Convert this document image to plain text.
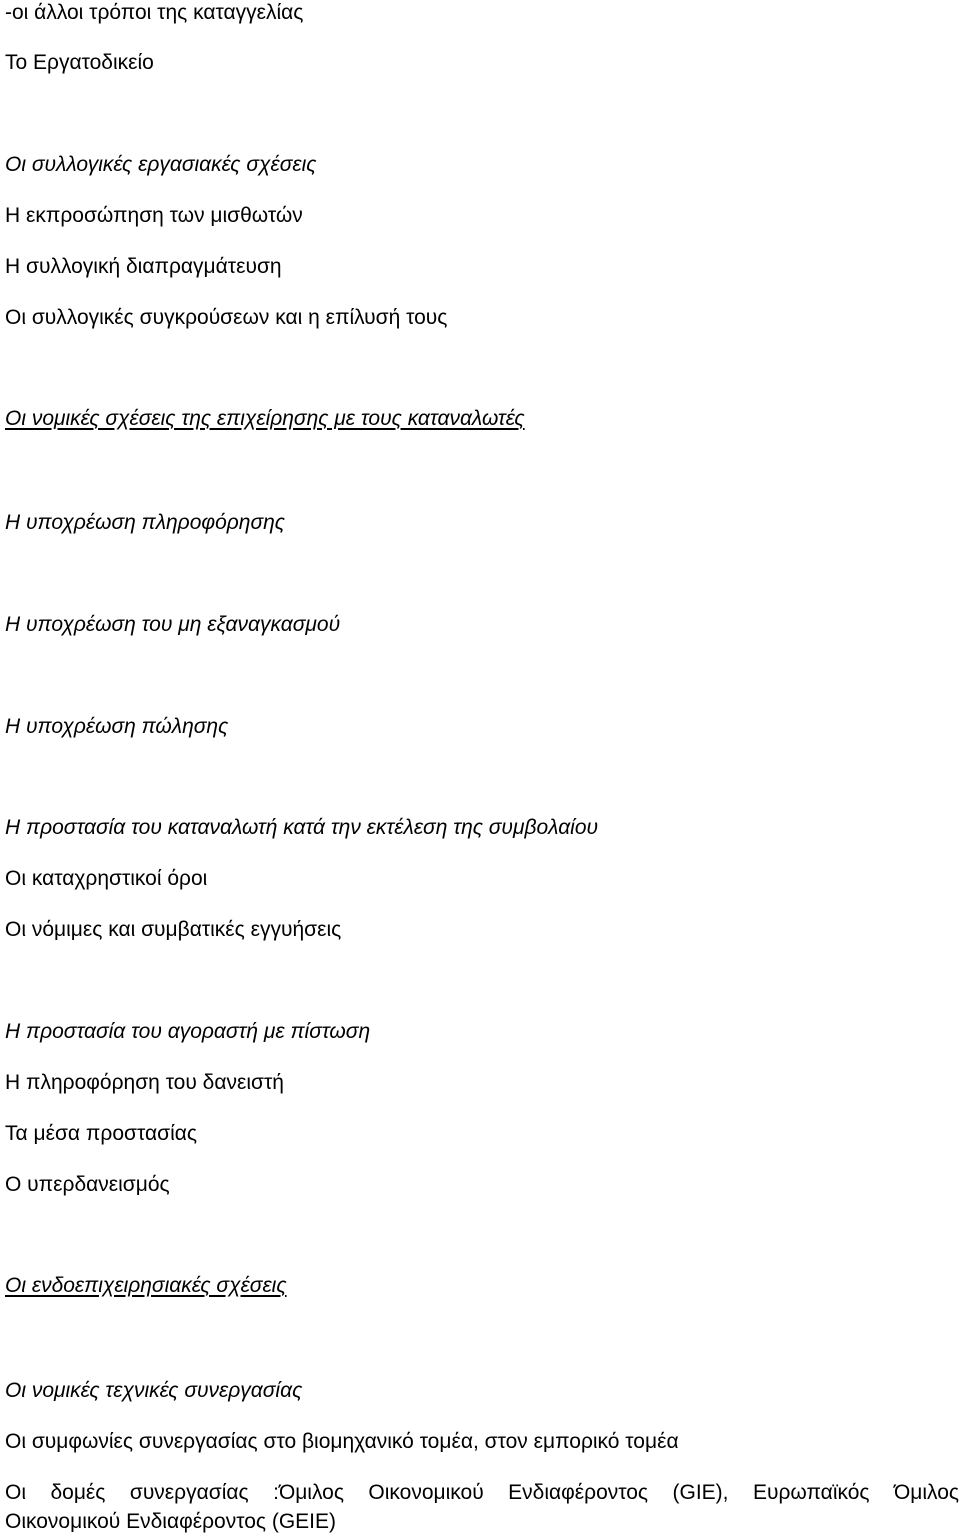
-οι άλλοι τρόποι της καταγγελίας
Το Εργατοδικείο
Οι συλλογικές εργασιακές σχέσεις
Η εκπροσώπηση των μισθωτών
Η συλλογική διαπραγμάτευση
Οι συλλογικές συγκρούσεων και η επίλυσή τους
Οι νομικές σχέσεις της επιχείρησης με τους καταναλωτές
Η υποχρέωση πληροφόρησης
Η υποχρέωση του μη εξαναγκασμού
Η υποχρέωση πώλησης
Η προστασία του καταναλωτή κατά την εκτέλεση της συμβολαίου
Οι καταχρηστικοί όροι
Οι νόμιμες και συμβατικές εγγυήσεις
Η προστασία του αγοραστή με πίστωση
Η πληροφόρηση του δανειστή
Τα μέσα προστασίας
Ο υπερδανεισμός
Οι ενδοεπιχειρησιακές σχέσεις
Οι νομικές τεχνικές συνεργασίας
Οι συμφωνίες συνεργασίας στο βιομηχανικό τομέα, στον εμπορικό τομέα
Οι δομές συνεργασίας :Όμιλος Οικονομικού Ενδιαφέροντος (GIE), Ευρωπαϊκός Όμιλος
Οικονομικού Ενδιαφέροντος (GEIE)
